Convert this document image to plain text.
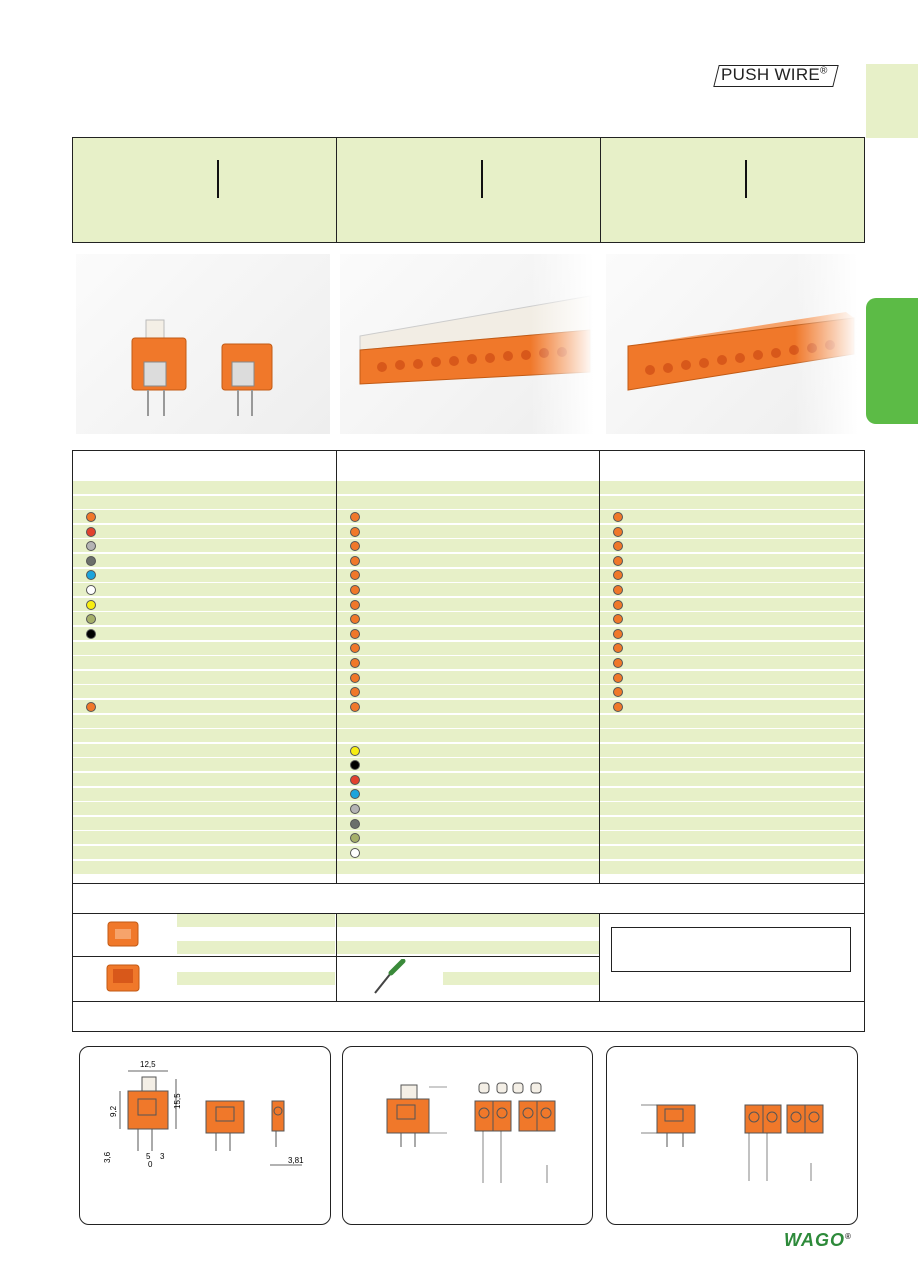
PUSH WIRE®
12,5
15,5
9,2
3,6	5 3
0	3,81
WAGO®
